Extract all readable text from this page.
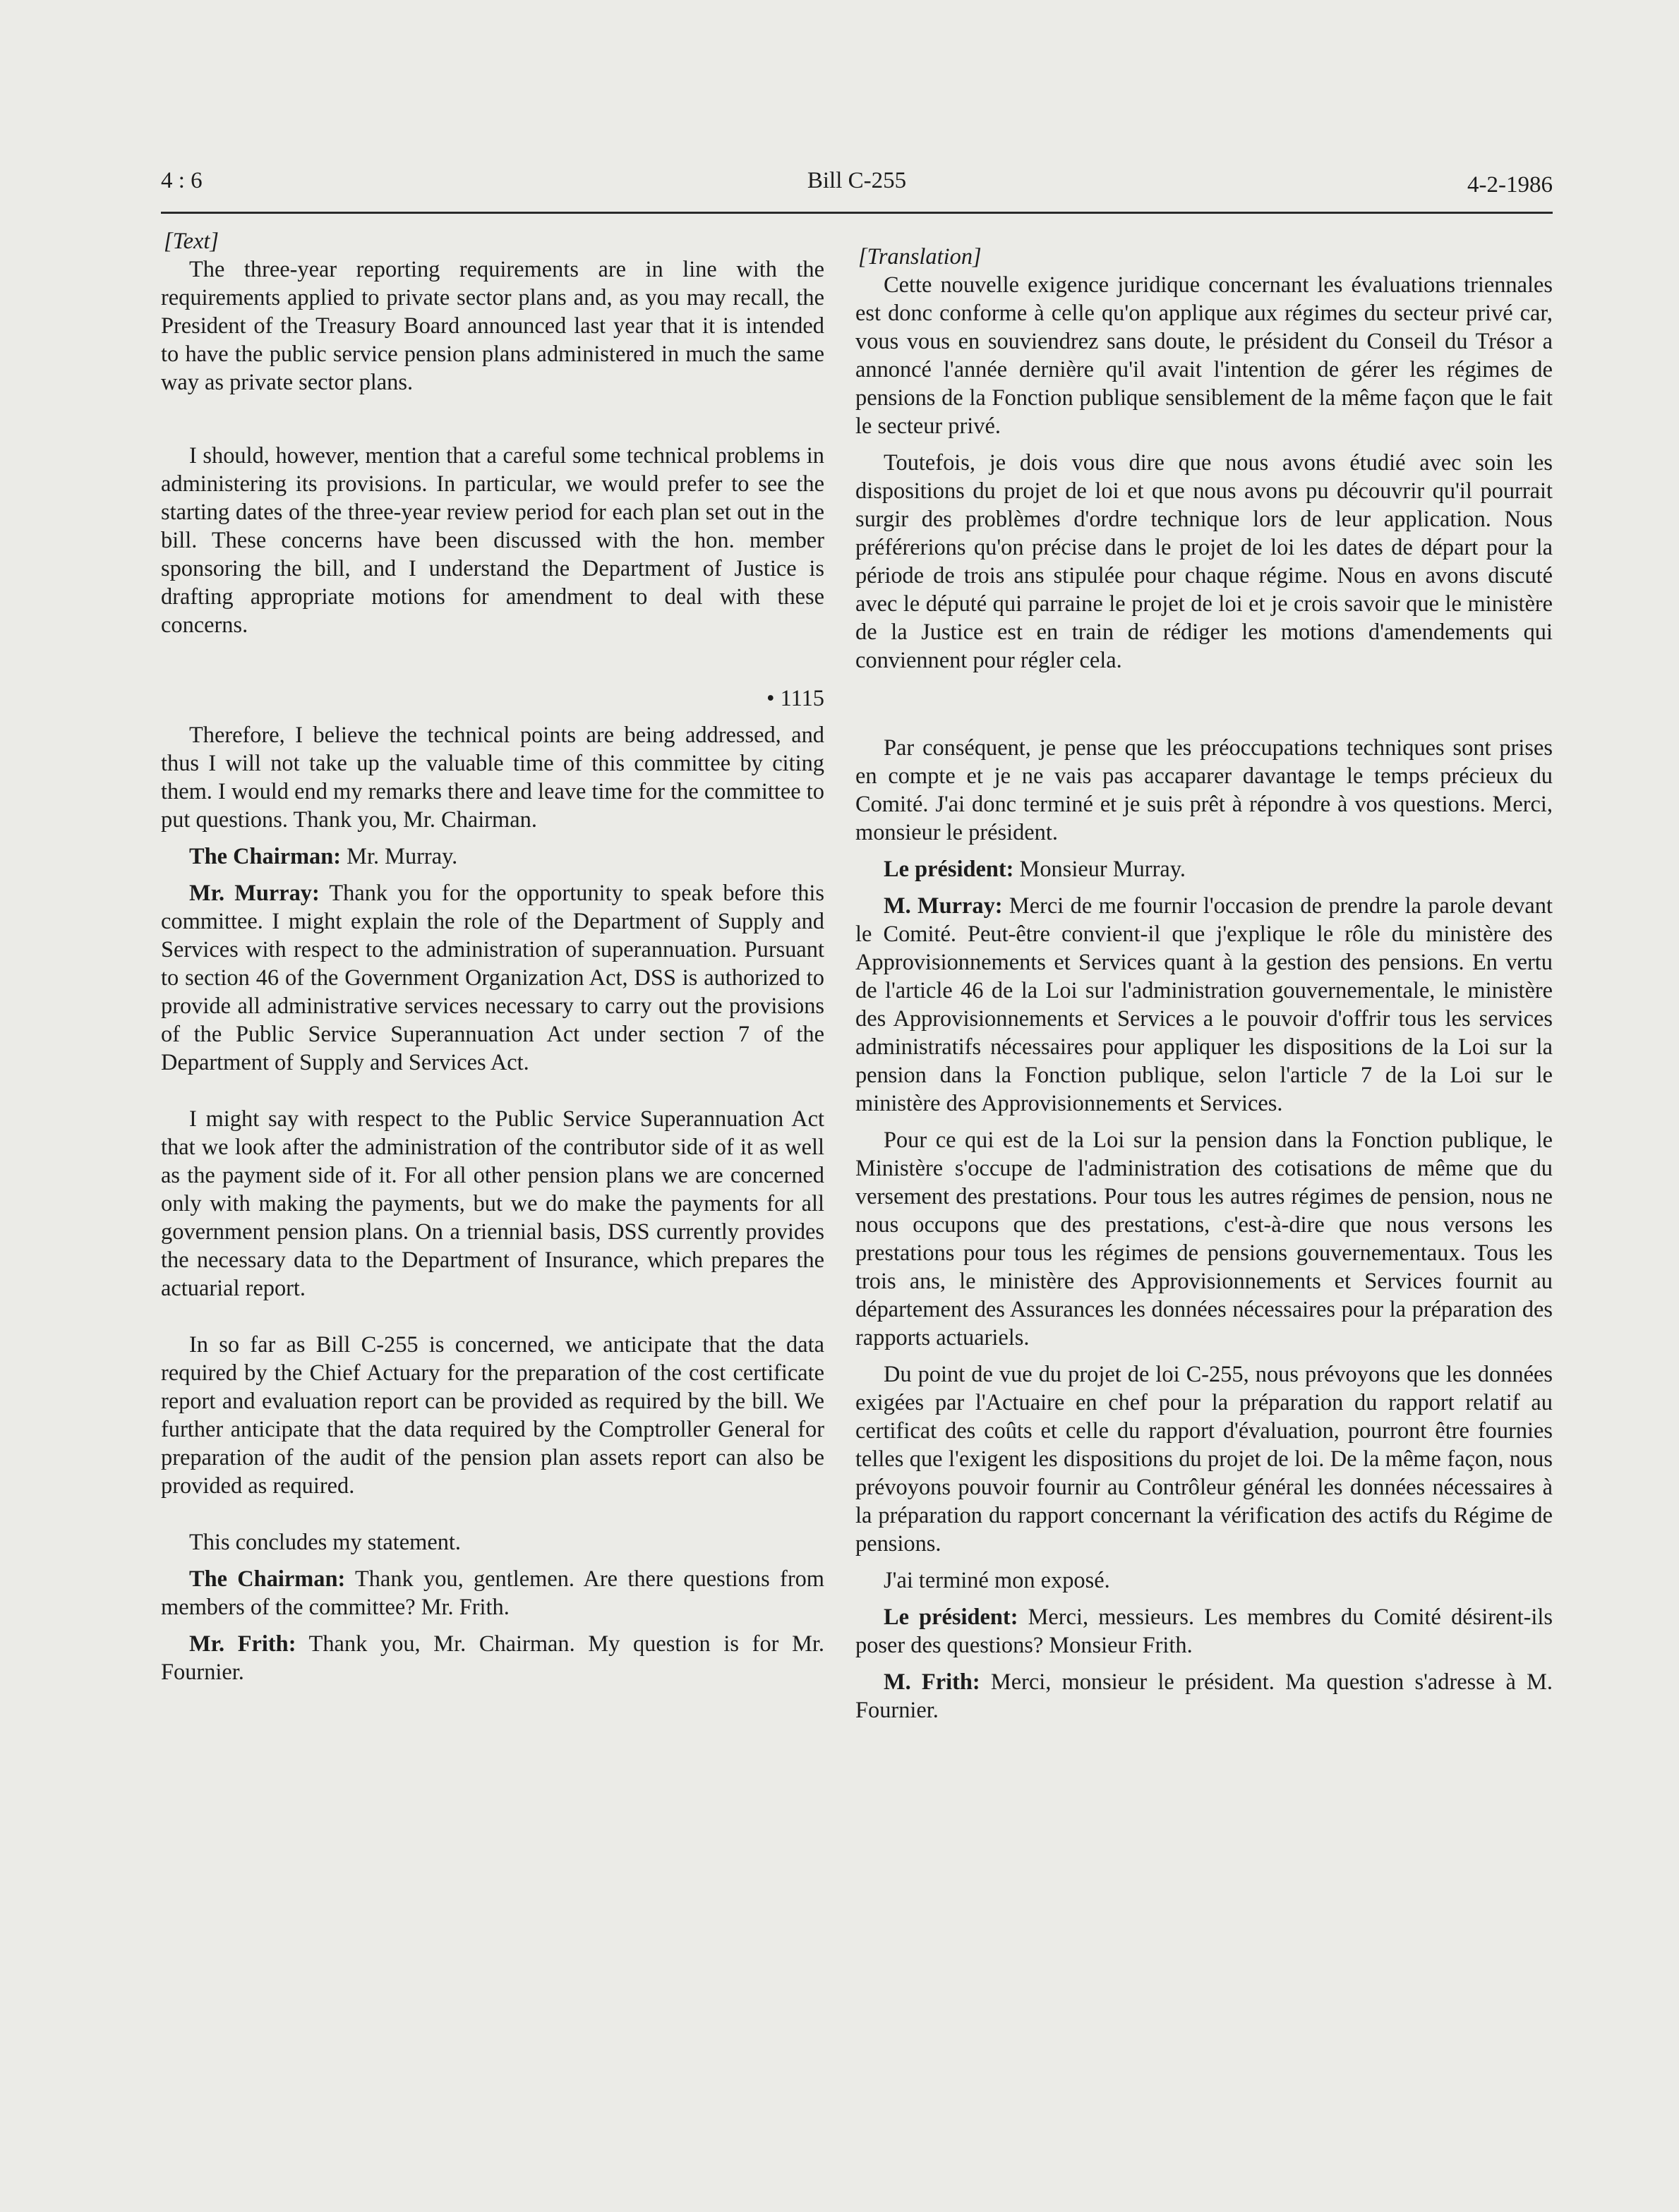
4 : 6	Bill C-255	4-2-1986

[Text]

The three-year reporting requirements are in line with the requirements applied to private sector plans and, as you may recall, the President of the Treasury Board announced last year that it is intended to have the public service pension plans administered in much the same way as private sector plans.

I should, however, mention that a careful some technical problems in administering its provisions. In particular, we would prefer to see the starting dates of the three-year review period for each plan set out in the bill. These concerns have been discussed with the hon. member sponsoring the bill, and I understand the Department of Justice is drafting appropriate motions for amendment to deal with these concerns.

• 1115

Therefore, I believe the technical points are being addressed, and thus I will not take up the valuable time of this committee by citing them. I would end my remarks there and leave time for the committee to put questions. Thank you, Mr. Chairman.

The Chairman: Mr. Murray.

Mr. Murray: Thank you for the opportunity to speak before this committee. I might explain the role of the Department of Supply and Services with respect to the administration of superannuation. Pursuant to section 46 of the Government Organization Act, DSS is authorized to provide all administrative services necessary to carry out the provisions of the Public Service Superannuation Act under section 7 of the Department of Supply and Services Act.

I might say with respect to the Public Service Superannuation Act that we look after the administration of the contributor side of it as well as the payment side of it. For all other pension plans we are concerned only with making the payments, but we do make the payments for all government pension plans. On a triennial basis, DSS currently provides the necessary data to the Department of Insurance, which prepares the actuarial report.

In so far as Bill C-255 is concerned, we anticipate that the data required by the Chief Actuary for the preparation of the cost certificate report and evaluation report can be provided as required by the bill. We further anticipate that the data required by the Comptroller General for preparation of the audit of the pension plan assets report can also be provided as required.

This concludes my statement.

The Chairman: Thank you, gentlemen. Are there questions from members of the committee? Mr. Frith.

Mr. Frith: Thank you, Mr. Chairman. My question is for Mr. Fournier.

[Translation]

Cette nouvelle exigence juridique concernant les évaluations triennales est donc conforme à celle qu'on applique aux régimes du secteur privé car, vous vous en souviendrez sans doute, le président du Conseil du Trésor a annoncé l'année dernière qu'il avait l'intention de gérer les régimes de pensions de la Fonction publique sensiblement de la même façon que le fait le secteur privé.

Toutefois, je dois vous dire que nous avons étudié avec soin les dispositions du projet de loi et que nous avons pu découvrir qu'il pourrait surgir des problèmes d'ordre technique lors de leur application. Nous préférerions qu'on précise dans le projet de loi les dates de départ pour la période de trois ans stipulée pour chaque régime. Nous en avons discuté avec le député qui parraine le projet de loi et je crois savoir que le ministère de la Justice est en train de rédiger les motions d'amendements qui conviennent pour régler cela.

Par conséquent, je pense que les préoccupations techniques sont prises en compte et je ne vais pas accaparer davantage le temps précieux du Comité. J'ai donc terminé et je suis prêt à répondre à vos questions. Merci, monsieur le président.

Le président: Monsieur Murray.

M. Murray: Merci de me fournir l'occasion de prendre la parole devant le Comité. Peut-être convient-il que j'explique le rôle du ministère des Approvisionnements et Services quant à la gestion des pensions. En vertu de l'article 46 de la Loi sur l'administration gouvernementale, le ministère des Approvisionnements et Services a le pouvoir d'offrir tous les services administratifs nécessaires pour appliquer les dispositions de la Loi sur la pension dans la Fonction publique, selon l'article 7 de la Loi sur le ministère des Approvisionnements et Services.

Pour ce qui est de la Loi sur la pension dans la Fonction publique, le Ministère s'occupe de l'administration des cotisations de même que du versement des prestations. Pour tous les autres régimes de pension, nous ne nous occupons que des prestations, c'est-à-dire que nous versons les prestations pour tous les régimes de pensions gouvernementaux. Tous les trois ans, le ministère des Approvisionnements et Services fournit au département des Assurances les données nécessaires pour la préparation des rapports actuariels.

Du point de vue du projet de loi C-255, nous prévoyons que les données exigées par l'Actuaire en chef pour la préparation du rapport relatif au certificat des coûts et celle du rapport d'évaluation, pourront être fournies telles que l'exigent les dispositions du projet de loi. De la même façon, nous prévoyons pouvoir fournir au Contrôleur général les données nécessaires à la préparation du rapport concernant la vérification des actifs du Régime de pensions.

J'ai terminé mon exposé.

Le président: Merci, messieurs. Les membres du Comité désirent-ils poser des questions? Monsieur Frith.

M. Frith: Merci, monsieur le président. Ma question s'adresse à M. Fournier.
